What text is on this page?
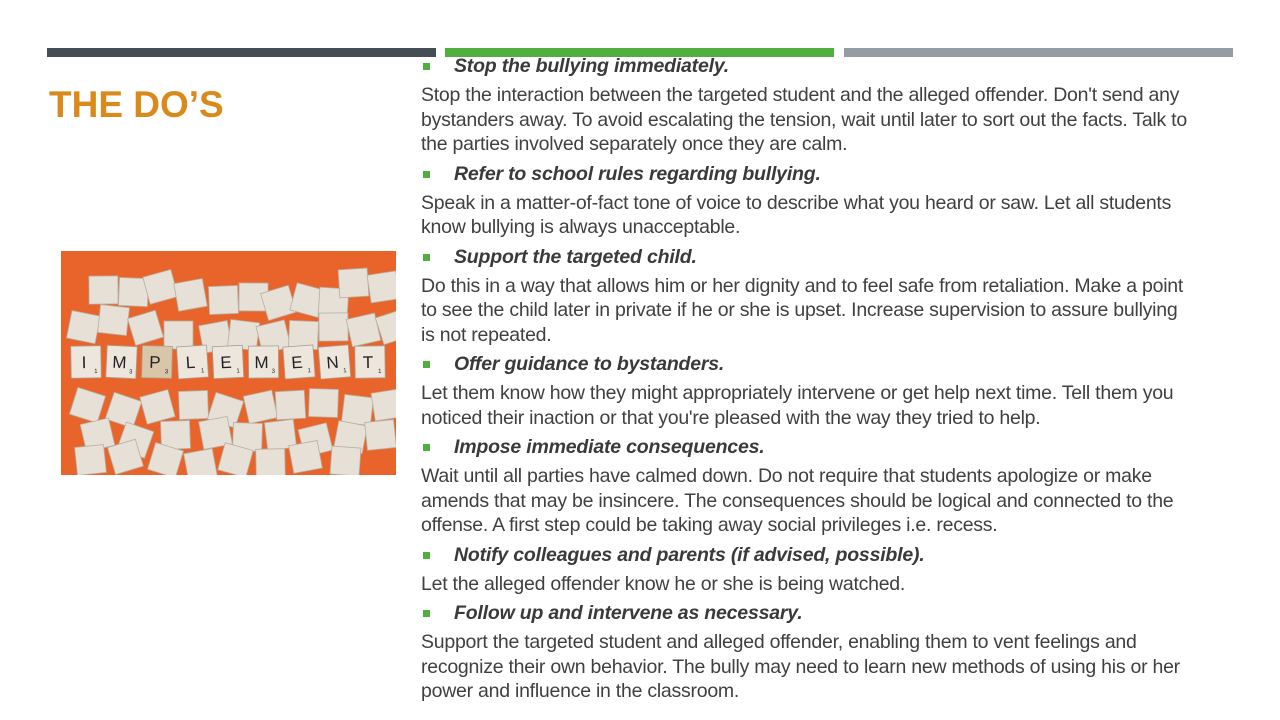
THE DO’S
I 1 M
3
P
3 L 1 E 1 M 3 E 1 N 1 T 1
Stop the bullying immediately.
Stop the interaction between the targeted student and the alleged offender. Don't send any
bystanders away. To avoid escalating the tension, wait until later to sort out the facts. Talk to
the parties involved separately once they are calm.
Refer to school rules regarding bullying.
Speak in a matter-of-fact tone of voice to describe what you heard or saw. Let all students
know bullying is always unacceptable.
Support the targeted child.
Do this in a way that allows him or her dignity and to feel safe from retaliation. Make a point
to see the child later in private if he or she is upset. Increase supervision to assure bullying
is not repeated.
Offer guidance to bystanders.
Let them know how they might appropriately intervene or get help next time. Tell them you
noticed their inaction or that you're pleased with the way they tried to help.
Impose immediate consequences.
Wait until all parties have calmed down. Do not require that students apologize or make
amends that may be insincere. The consequences should be logical and connected to the
offense. A first step could be taking away social privileges i.e. recess.
Notify colleagues and parents (if advised, possible).
Let the alleged offender know he or she is being watched.
Follow up and intervene as necessary.
Support the targeted student and alleged offender, enabling them to vent feelings and
recognize their own behavior. The bully may need to learn new methods of using his or her
power and influence in the classroom.
